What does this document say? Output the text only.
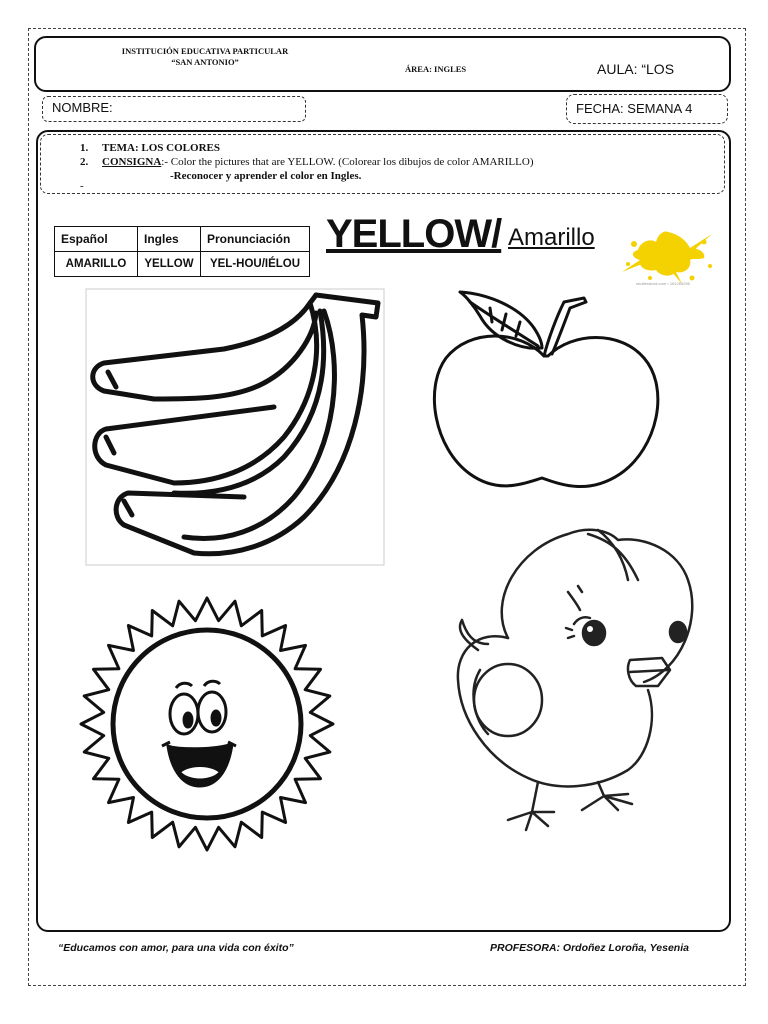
INSTITUCIÓN EDUCATIVA PARTICULAR
“SAN ANTONIO”
ÁREA: INGLES	AULA: “LOS
NOMBRE:	FECHA: SEMANA 4
1. TEMA: LOS COLORES
2. CONSIGNA:- Color the pictures that are YELLOW. (Colorear los dibujos de color AMARILLO)
-Reconocer y aprender el color en Ingles.
-
Español	Ingles	Pronunciación
AMARILLO	YELLOW	YEL-HOU/IÉLOU
YELLOW/ Amarillo
shutterstock.com • 161265296
“Educamos con amor, para una vida con éxito”	PROFESORA: Ordoñez Loroña, Yesenia
